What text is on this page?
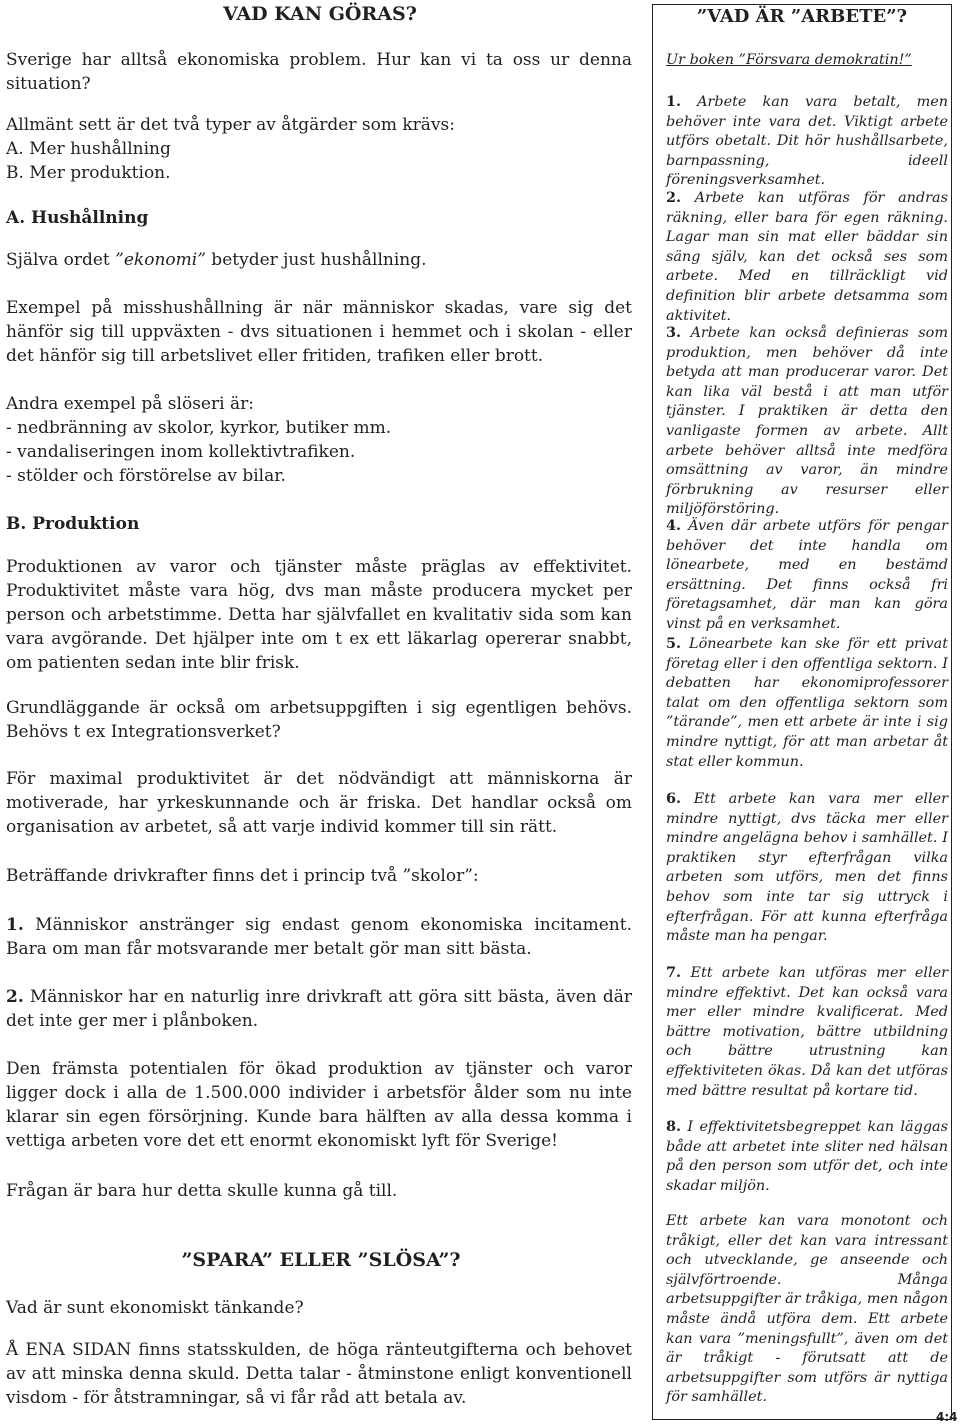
VAD KAN GÖRAS?

Sverige har alltså ekonomiska problem. Hur kan vi ta oss ur denna situation?

Allmänt sett är det två typer av åtgärder som krävs:
A. Mer hushållning
B. Mer produktion.
A. Hushållning

Själva ordet ”ekonomi” betyder just hushållning.

Exempel på misshushållning är när människor skadas, vare sig det hänför sig till uppväxten - dvs situationen i hemmet och i skolan - eller det hänför sig till arbetslivet eller fritiden, trafiken eller brott.

Andra exempel på slöseri är:
- nedbränning av skolor, kyrkor, butiker mm.
- vandaliseringen inom kollektivtrafiken.
- stölder och förstörelse av bilar.
B. Produktion

Produktionen av varor och tjänster måste präglas av effektivitet. Produktivitet måste vara hög, dvs man måste producera mycket per person och arbetstimme. Detta har självfallet en kvalitativ sida som kan vara avgörande. Det hjälper inte om t ex ett läkarlag opererar snabbt, om patienten sedan inte blir frisk.

Grundläggande är också om arbetsuppgiften i sig egentligen behövs. Behövs t ex Integrationsverket?

För maximal produktivitet är det nödvändigt att människorna är motiverade, har yrkeskunnande och är friska. Det handlar också om organisation av arbetet, så att varje individ kommer till sin rätt.

Beträffande drivkrafter finns det i princip två ”skolor”:

1. Människor anstränger sig endast genom ekonomiska incitament. Bara om man får motsvarande mer betalt gör man sitt bästa.

2. Människor har en naturlig inre drivkraft att göra sitt bästa, även där det inte ger mer i plånboken.

Den främsta potentialen för ökad produktion av tjänster och varor ligger dock i alla de 1.500.000 individer i arbetsför ålder som nu inte klarar sin egen försörjning. Kunde bara hälften av alla dessa komma i vettiga arbeten vore det ett enormt ekonomiskt lyft för Sverige!

Frågan är bara hur detta skulle kunna gå till.

”SPARA” ELLER ”SLÖSA”?

Vad är sunt ekonomiskt tänkande?

Å ENA SIDAN finns statsskulden, de höga ränteutgifterna och behovet av att minska denna skuld. Detta talar - åtminstone enligt konventionell visdom - för åtstramningar, så vi får råd att betala av.

”VAD ÄR ”ARBETE”?
Ur boken ”Försvara demokratin!”

1. Arbete kan vara betalt, men behöver inte vara det. Viktigt arbete utförs obetalt. Dit hör hushållsarbete, barnpassning, ideell föreningsverksamhet.

2. Arbete kan utföras för andras räkning, eller bara för egen räkning. Lagar man sin mat eller bäddar sin säng själv, kan det också ses som arbete. Med en tillräckligt vid definition blir arbete detsamma som aktivitet.

3. Arbete kan också definieras som produktion, men behöver då inte betyda att man producerar varor. Det kan lika väl bestå i att man utför tjänster. I praktiken är detta den vanligaste formen av arbete. Allt arbete behöver alltså inte medföra omsättning av varor, än mindre förbrukning av resurser eller miljöförstöring.

4. Även där arbete utförs för pengar behöver det inte handla om lönearbete, med en bestämd ersättning. Det finns också fri företagsamhet, där man kan göra vinst på en verksamhet.

5. Lönearbete kan ske för ett privat företag eller i den offentliga sektorn. I debatten har ekonomiprofessorer talat om den offentliga sektorn som ”tärande”, men ett arbete är inte i sig mindre nyttigt, för att man arbetar åt stat eller kommun.

6. Ett arbete kan vara mer eller mindre nyttigt, dvs täcka mer eller mindre angelägna behov i samhället. I praktiken styr efterfrågan vilka arbeten som utförs, men det finns behov som inte tar sig uttryck i efterfrågan. För att kunna efterfråga måste man ha pengar.

7. Ett arbete kan utföras mer eller mindre effektivt. Det kan också vara mer eller mindre kvalificerat. Med bättre motivation, bättre utbildning och bättre utrustning kan effektiviteten ökas. Då kan det utföras med bättre resultat på kortare tid.

8. I effektivitetsbegreppet kan läggas både att arbetet inte sliter ned hälsan på den person som utför det, och inte skadar miljön.

Ett arbete kan vara monotont och tråkigt, eller det kan vara intressant och utvecklande, ge anseende och självförtroende. Många arbetsuppgifter är tråkiga, men någon måste ändå utföra dem. Ett arbete kan vara ”meningsfullt”, även om det är tråkigt - förutsatt att de arbetsuppgifter som utförs är nyttiga för samhället.

4:4
